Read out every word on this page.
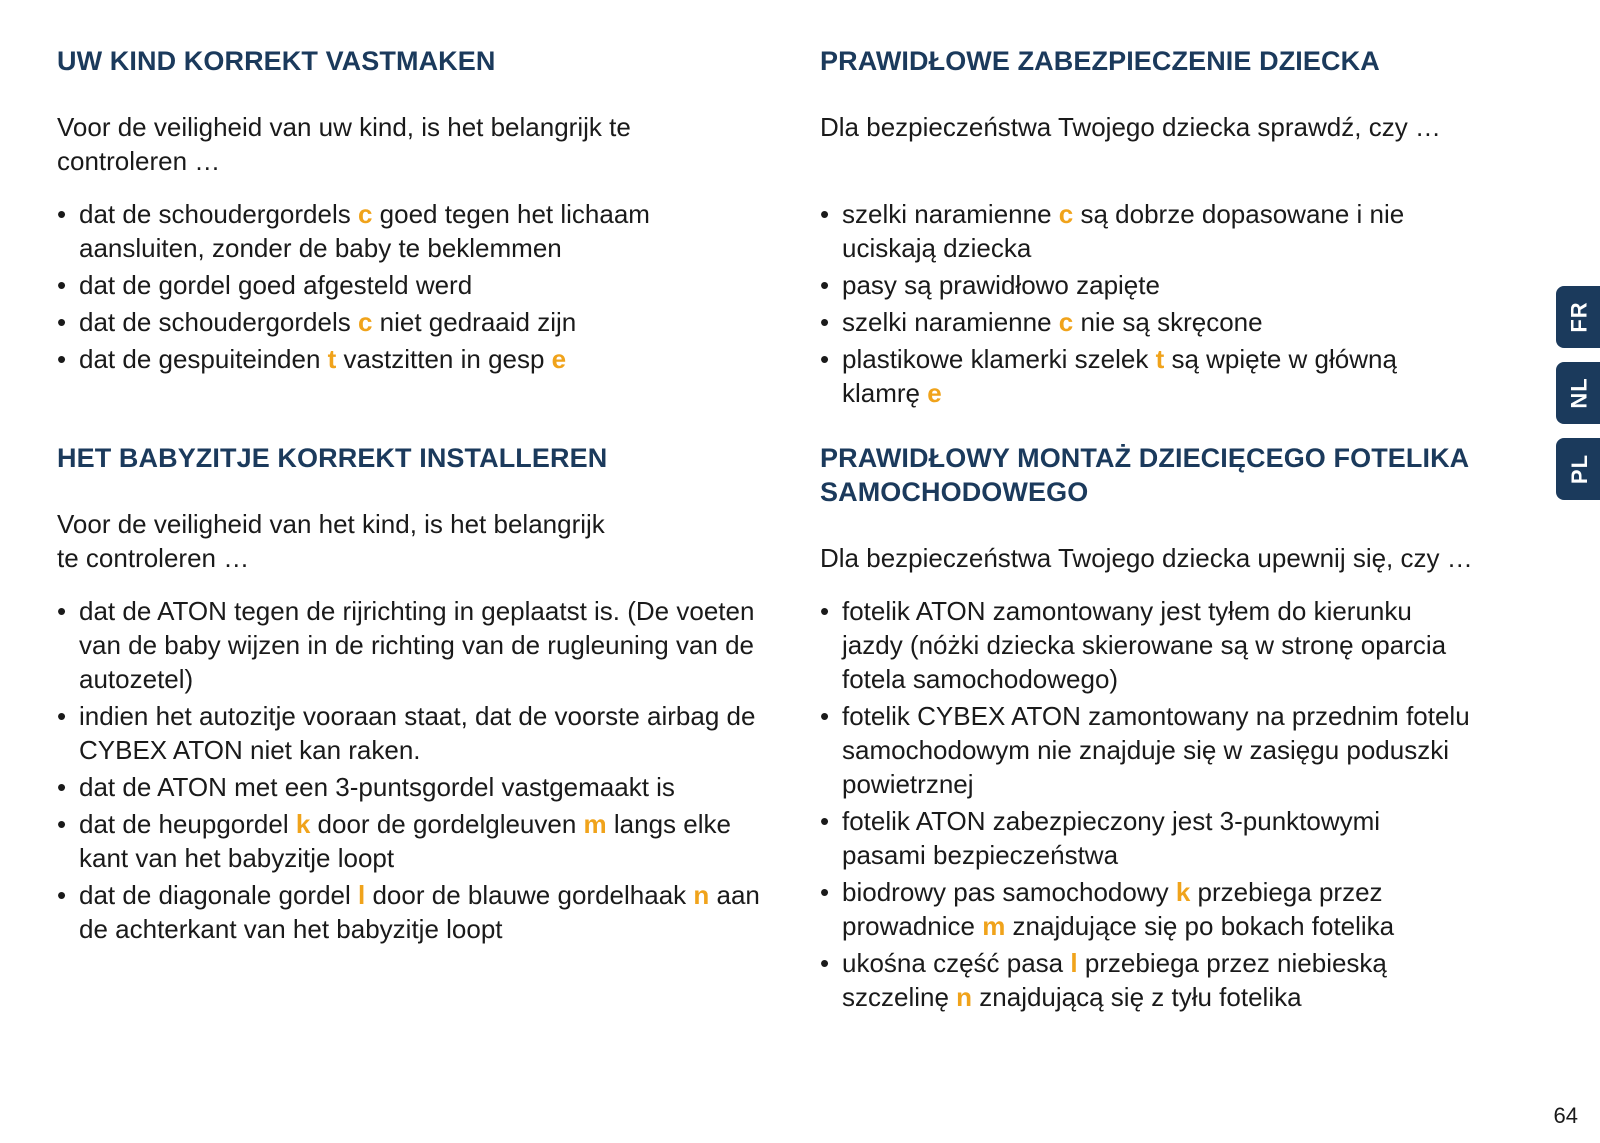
UW KIND KORREKT VASTMAKEN

Voor de veiligheid van uw kind, is het belangrijk te controleren …

• dat de schoudergordels c goed tegen het lichaam aansluiten, zonder de baby te beklemmen
• dat de gordel goed afgesteld werd
• dat de schoudergordels c niet gedraaid zijn
• dat de gespuiteinden t vastzitten in gesp e
HET BABYZITJE KORREKT INSTALLEREN

Voor de veiligheid van het kind, is het belangrijk
te controleren …

• dat de ATON tegen de rijrichting in geplaatst is. (De voeten van de baby wijzen in de richting van de rugleuning van de autozetel)
• indien het autozitje vooraan staat, dat de voorste airbag de CYBEX ATON niet kan raken.
• dat de ATON met een 3-puntsgordel vastgemaakt is
• dat de heupgordel k door de gordelgleuven m langs elke kant van het babyzitje loopt
• dat de diagonale gordel l door de blauwe gordelhaak n aan de achterkant van het babyzitje loopt
PRAWIDŁOWE ZABEZPIECZENIE DZIECKA

Dla bezpieczeństwa Twojego dziecka sprawdź, czy …

• szelki naramienne c są dobrze dopasowane i nie uciskają dziecka
• pasy są prawidłowo zapięte
• szelki naramienne c nie są skręcone
• plastikowe klamerki szelek t są wpięte w główną klamrę e
PRAWIDŁOWY MONTAŻ DZIECIĘCEGO FOTELIKA SAMOCHODOWEGO

Dla bezpieczeństwa Twojego dziecka upewnij się, czy …

• fotelik ATON zamontowany jest tyłem do kierunku jazdy (nóżki dziecka skierowane są w stronę oparcia fotela samochodowego)
• fotelik CYBEX ATON zamontowany na przednim fotelu samochodowym nie znajduje się w zasięgu poduszki powietrznej
• fotelik ATON zabezpieczony jest 3-punktowymi pasami bezpieczeństwa
• biodrowy pas samochodowy k przebiega przez prowadnice m znajdujące się po bokach fotelika
• ukośna część pasa l przebiega przez niebieską szczelinę n znajdującą się z tyłu fotelika
FR
NL
PL
64
